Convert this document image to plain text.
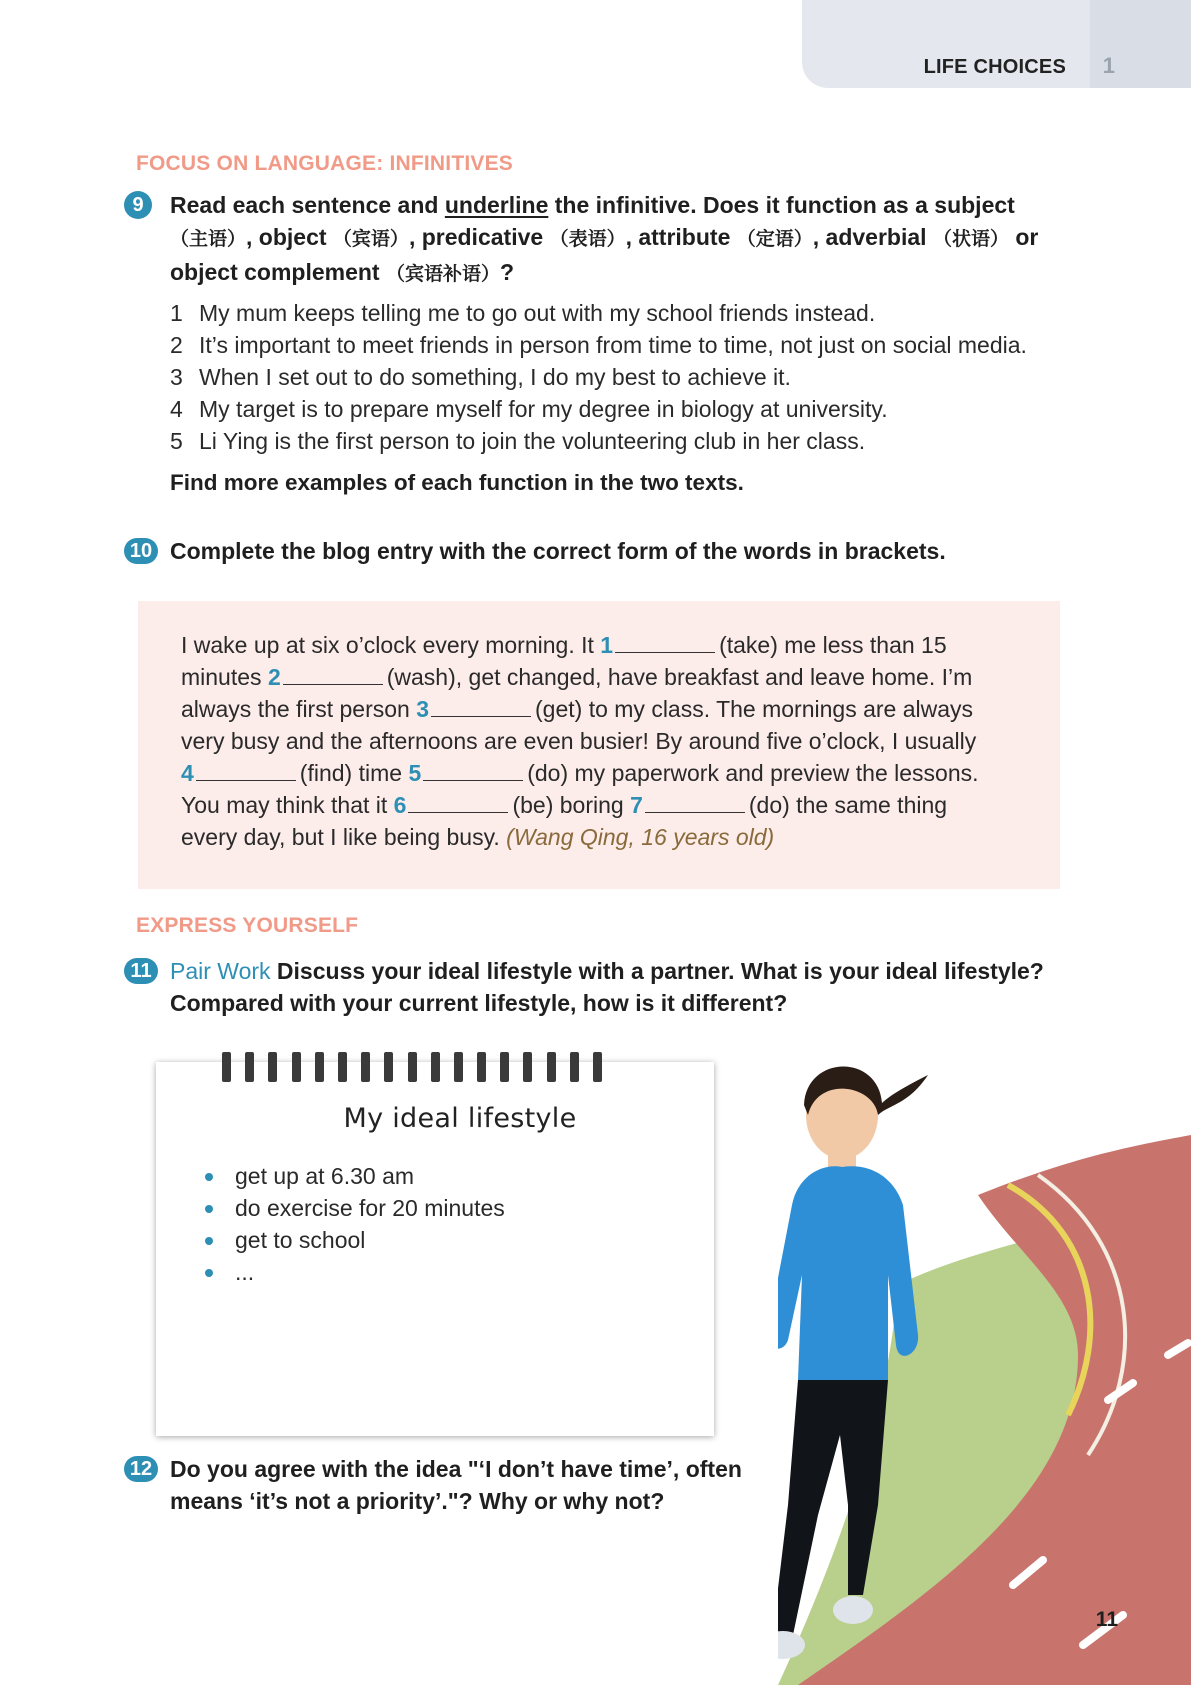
LIFE CHOICES 1
FOCUS ON LANGUAGE: INFINITIVES
9	Read each sentence and underline the infinitive. Does it function as a subject （主语）, object （宾语）, predicative （表语）, attribute （定语）, adverbial （状语） or object complement （宾语补语）?
1 My mum keeps telling me to go out with my school friends instead.
2 It’s important to meet friends in person from time to time, not just on social media.
3 When I set out to do something, I do my best to achieve it.
4 My target is to prepare myself for my degree in biology at university.
5 Li Ying is the first person to join the volunteering club in her class.
Find more examples of each function in the two texts.
10 Complete the blog entry with the correct form of the words in brackets.
I wake up at six o’clock every morning. It 1	(take) me less than 15
minutes 2	(wash), get changed, have breakfast and leave home. I’m
always the first person 3	(get) to my class. The mornings are always
very busy and the afternoons are even busier! By around five o’clock, I usually
4	(find) time 5	(do) my paperwork and preview the lessons.
You may think that it 6	(be) boring 7	(do) the same thing
every day, but I like being busy. (Wang Qing, 16 years old)
EXPRESS YOURSELF
11 Pair Work Discuss your ideal lifestyle with a partner. What is your ideal lifestyle?
Compared with your current lifestyle, how is it different?
My ideal lifestyle
get up at 6.30 am
do exercise for 20 minutes
get to school
...
12 Do you agree with the idea "‘I don’t have time’, often
means ‘it’s not a priority’."? Why or why not?
11
